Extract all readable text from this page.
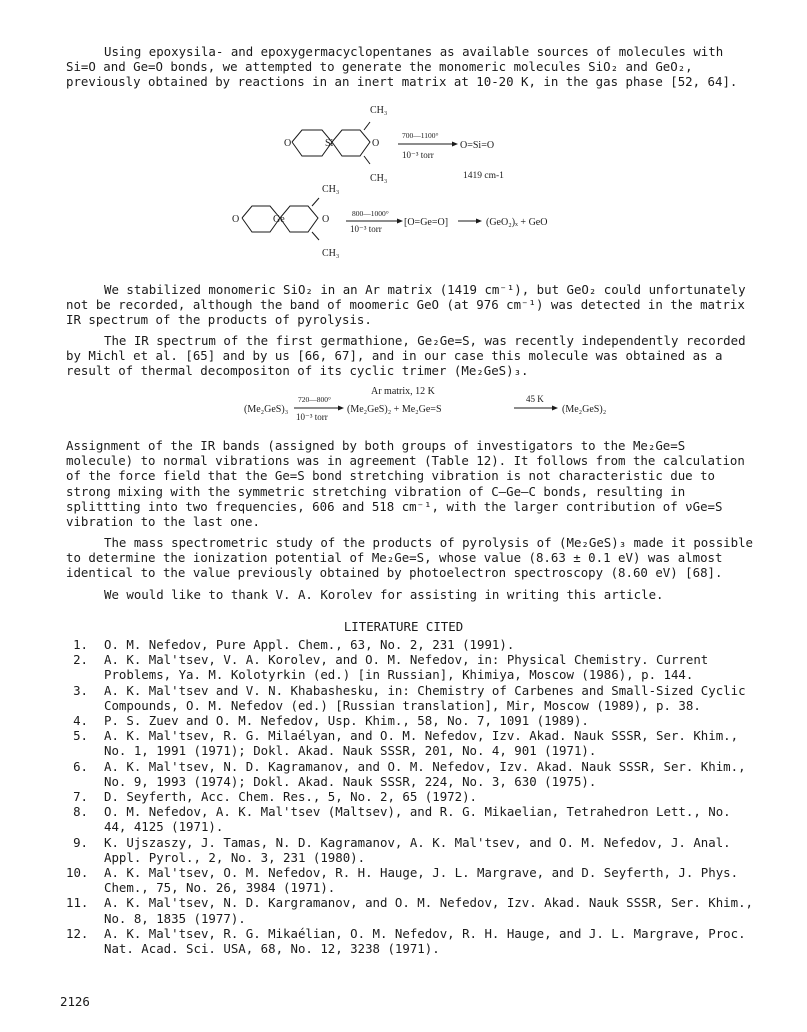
Using epoxysila- and epoxygermacyclopentanes as available sources of molecules with Si=O and Ge=O bonds, we attempted to generate the monomeric molecules SiO₂ and GeO₂, previously obtained by reactions in an inert matrix at 10-20 K, in the gas phase [52, 64].

CH₃
CH₃
O	Si	O
700—1100°
10⁻³ torr
O=Si=O
1419 cm-1
CH₃
CH₃
O	Ge	O
800—1000°
10⁻³ torr
[O=Ge=O]	(GeO₂)ₓ + GeO

We stabilized monomeric SiO₂ in an Ar matrix (1419 cm⁻¹), but GeO₂ could unfortunately not be recorded, although the band of moomeric GeO (at 976 cm⁻¹) was detected in the matrix IR spectrum of the products of pyrolysis.

The IR spectrum of the first germathione, Ge₂Ge=S, was recently independently recorded by Michl et al. [65] and by us [66, 67], and in our case this molecule was obtained as a result of thermal decompositon of its cyclic trimer (Me₂GeS)₃.

(Me₂GeS)₃
720—800°
10⁻³ torr
Ar matrix, 12 K
(Me₂GeS)₂ + Me₂Ge=S
45 K
(Me₂GeS)₂

Assignment of the IR bands (assigned by both groups of investigators to the Me₂Ge=S molecule) to normal vibrations was in agreement (Table 12). It follows from the calculation of the force field that the Ge=S bond stretching vibration is not characteristic due to strong mixing with the symmetric stretching vibration of C—Ge—C bonds, resulting in splittting into two frequencies, 606 and 518 cm⁻¹, with the larger contribution of νGe=S vibration to the last one.

The mass spectrometric study of the products of pyrolysis of (Me₂GeS)₃ made it possible to determine the ionization potential of Me₂Ge=S, whose value (8.63 ± 0.1 eV) was almost identical to the value previously obtained by photoelectron spectroscopy (8.60 eV) [68].

We would like to thank V. A. Korolev for assisting in writing this article.

LITERATURE CITED

1. O. M. Nefedov, Pure Appl. Chem., 63, No. 2, 231 (1991).

2. A. K. Mal'tsev, V. A. Korolev, and O. M. Nefedov, in: Physical Chemistry. Current Problems, Ya. M. Kolotyrkin (ed.) [in Russian], Khimiya, Moscow (1986), p. 144.

3. A. K. Mal'tsev and V. N. Khabashesku, in: Chemistry of Carbenes and Small-Sized Cyclic Compounds, O. M. Nefedov (ed.) [Russian translation], Mir, Moscow (1989), p. 38.

4. P. S. Zuev and O. M. Nefedov, Usp. Khim., 58, No. 7, 1091 (1989).

5. A. K. Mal'tsev, R. G. Milaélyan, and O. M. Nefedov, Izv. Akad. Nauk SSSR, Ser. Khim., No. 1, 1991 (1971); Dokl. Akad. Nauk SSSR, 201, No. 4, 901 (1971).

6. A. K. Mal'tsev, N. D. Kagramanov, and O. M. Nefedov, Izv. Akad. Nauk SSSR, Ser. Khim., No. 9, 1993 (1974); Dokl. Akad. Nauk SSSR, 224, No. 3, 630 (1975).

7. D. Seyferth, Acc. Chem. Res., 5, No. 2, 65 (1972).

8. O. M. Nefedov, A. K. Mal'tsev (Maltsev), and R. G. Mikaelian, Tetrahedron Lett., No. 44, 4125 (1971).

9. K. Ujszaszy, J. Tamas, N. D. Kagramanov, A. K. Mal'tsev, and O. M. Nefedov, J. Anal. Appl. Pyrol., 2, No. 3, 231 (1980).

10. A. K. Mal'tsev, O. M. Nefedov, R. H. Hauge, J. L. Margrave, and D. Seyferth, J. Phys. Chem., 75, No. 26, 3984 (1971).

11. A. K. Mal'tsev, N. D. Kargramanov, and O. M. Nefedov, Izv. Akad. Nauk SSSR, Ser. Khim., No. 8, 1835 (1977).

12. A. K. Mal'tsev, R. G. Mikaélian, O. M. Nefedov, R. H. Hauge, and J. L. Margrave, Proc. Nat. Acad. Sci. USA, 68, No. 12, 3238 (1971).

2126
